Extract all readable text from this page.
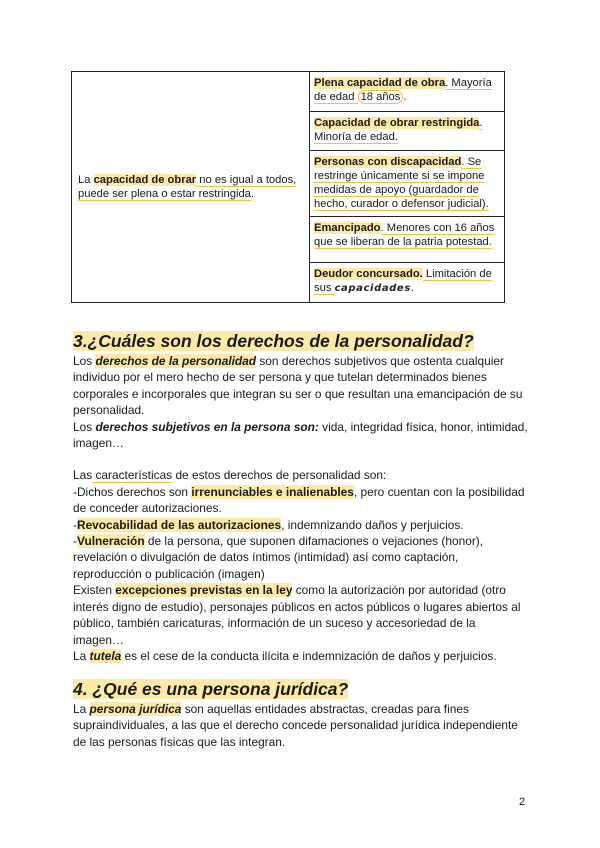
La capacidad de obrar no es igual a todos, puede ser plena o estar restringida.	Plena capacidad de obra. Mayoría de edad 18 años .
Capacidad de obrar restringida. Minoría de edad.
Personas con discapacidad. Se restringe únicamente si se impone medidas de apoyo (guardador de hecho, curador o defensor judicial).
Emancipado. Menores con 16 años que se liberan de la patria potestad.
Deudor concursado. Limitación de sus capacidades.
3.¿Cuáles son los derechos de la personalidad?

Los derechos de la personalidad son derechos subjetivos que ostenta cualquier individuo por el mero hecho de ser persona y que tutelan determinados bienes corporales e incorporales que integran su ser o que resultan una emancipación de su personalidad.

Los derechos subjetivos en la persona son: vida, integridad física, honor, intimidad, imagen…

Las características de estos derechos de personalidad son:

-Dichos derechos son irrenunciables e inalienables, pero cuentan con la posibilidad de conceder autorizaciones.

-Revocabilidad de las autorizaciones, indemnizando daños y perjuicios.

-Vulneración de la persona, que suponen difamaciones o vejaciones (honor), revelación o divulgación de datos íntimos (intimidad) así como captación, reproducción o publicación (imagen)

Existen excepciones previstas en la ley como la autorización por autoridad (otro interés digno de estudio), personajes públicos en actos públicos o lugares abiertos al público, también caricaturas, información de un suceso y accesoriedad de la imagen…

La tutela es el cese de la conducta ilícita e indemnización de daños y perjuicios.

4. ¿Qué es una persona jurídica?

La persona jurídica son aquellas entidades abstractas, creadas para fines supraindividuales, a las que el derecho concede personalidad jurídica independiente de las personas físicas que las integran.

2
